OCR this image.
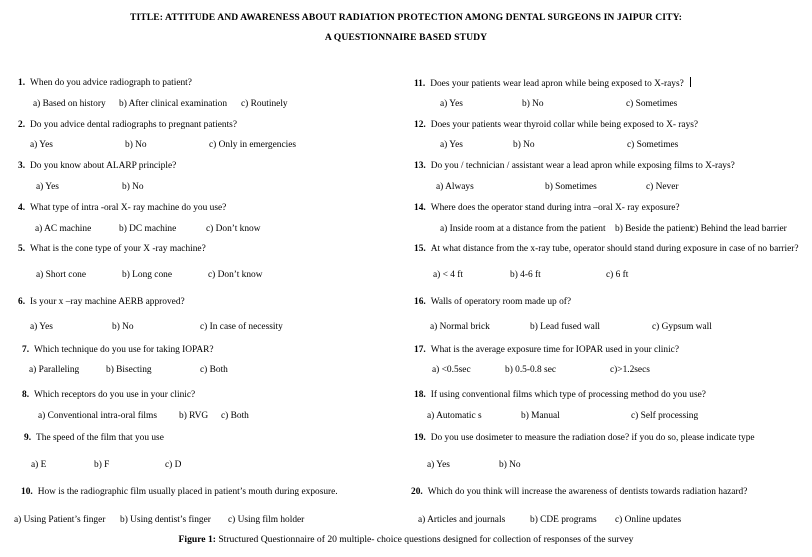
TITLE: ATTITUDE AND AWARENESS ABOUT RADIATION PROTECTION AMONG DENTAL SURGEONS IN JAIPUR CITY:
A QUESTIONNAIRE BASED STUDY
1. When do you advice radiograph to patient?
a) Based on history b) After clinical examination c) Routinely
2. Do you advice dental radiographs to pregnant patients?
a) Yes	b) No	c) Only in emergencies
3. Do you know about ALARP principle?
a) Yes	b) No
4. What type of intra -oral X- ray machine do you use?
a) AC machine	b) DC machine	c) Don’t know
5. What is the cone type of your X -ray machine?
a) Short cone	b) Long cone	c) Don’t know
6. Is your x –ray machine AERB approved?
a) Yes	b) No	c) In case of necessity
7. Which technique do you use for taking IOPAR?
a) Paralleling	b) Bisecting	c) Both
8. Which receptors do you use in your clinic?
a) Conventional intra-oral films b) RVG c) Both
9. The speed of the film that you use
a) E	b) F	c) D
10. How is the radiographic film usually placed in patient’s mouth during exposure.
a) Using Patient’s finger b) Using dentist’s finger c) Using film holder
11. Does your patients wear lead apron while being exposed to X-rays?
a) Yes	b) No	c) Sometimes
12. Does your patients wear thyroid collar while being exposed to X- rays?
a) Yes	b) No	c) Sometimes
13. Do you / technician / assistant wear a lead apron while exposing films to X-rays?
a) Always	b) Sometimes	c) Never
14. Where does the operator stand during intra –oral X- ray exposure?
a) Inside room at a distance from the patient b) Beside the patient
c) Behind the lead barrier
15. At what distance from the x-ray tube, operator should stand during exposure in case of no barrier?
a) < 4 ft	b) 4-6 ft	c) 6 ft
16. Walls of operatory room made up of?
a) Normal brick	b) Lead fused wall	c) Gypsum wall
17. What is the average exposure time for IOPAR used in your clinic?
a) <0.5sec	b) 0.5-0.8 sec	c)>1.2secs
18. If using conventional films which type of processing method do you use?
a) Automatic s	b) Manual	c) Self processing
19. Do you use dosimeter to measure the radiation dose? if you do so, please indicate type
a) Yes	b) No
20. Which do you think will increase the awareness of dentists towards radiation hazard?
a) Articles and journals	b) CDE programs c) Online updates
Figure 1: Structured Questionnaire of 20 multiple- choice questions designed for collection of responses of the survey
